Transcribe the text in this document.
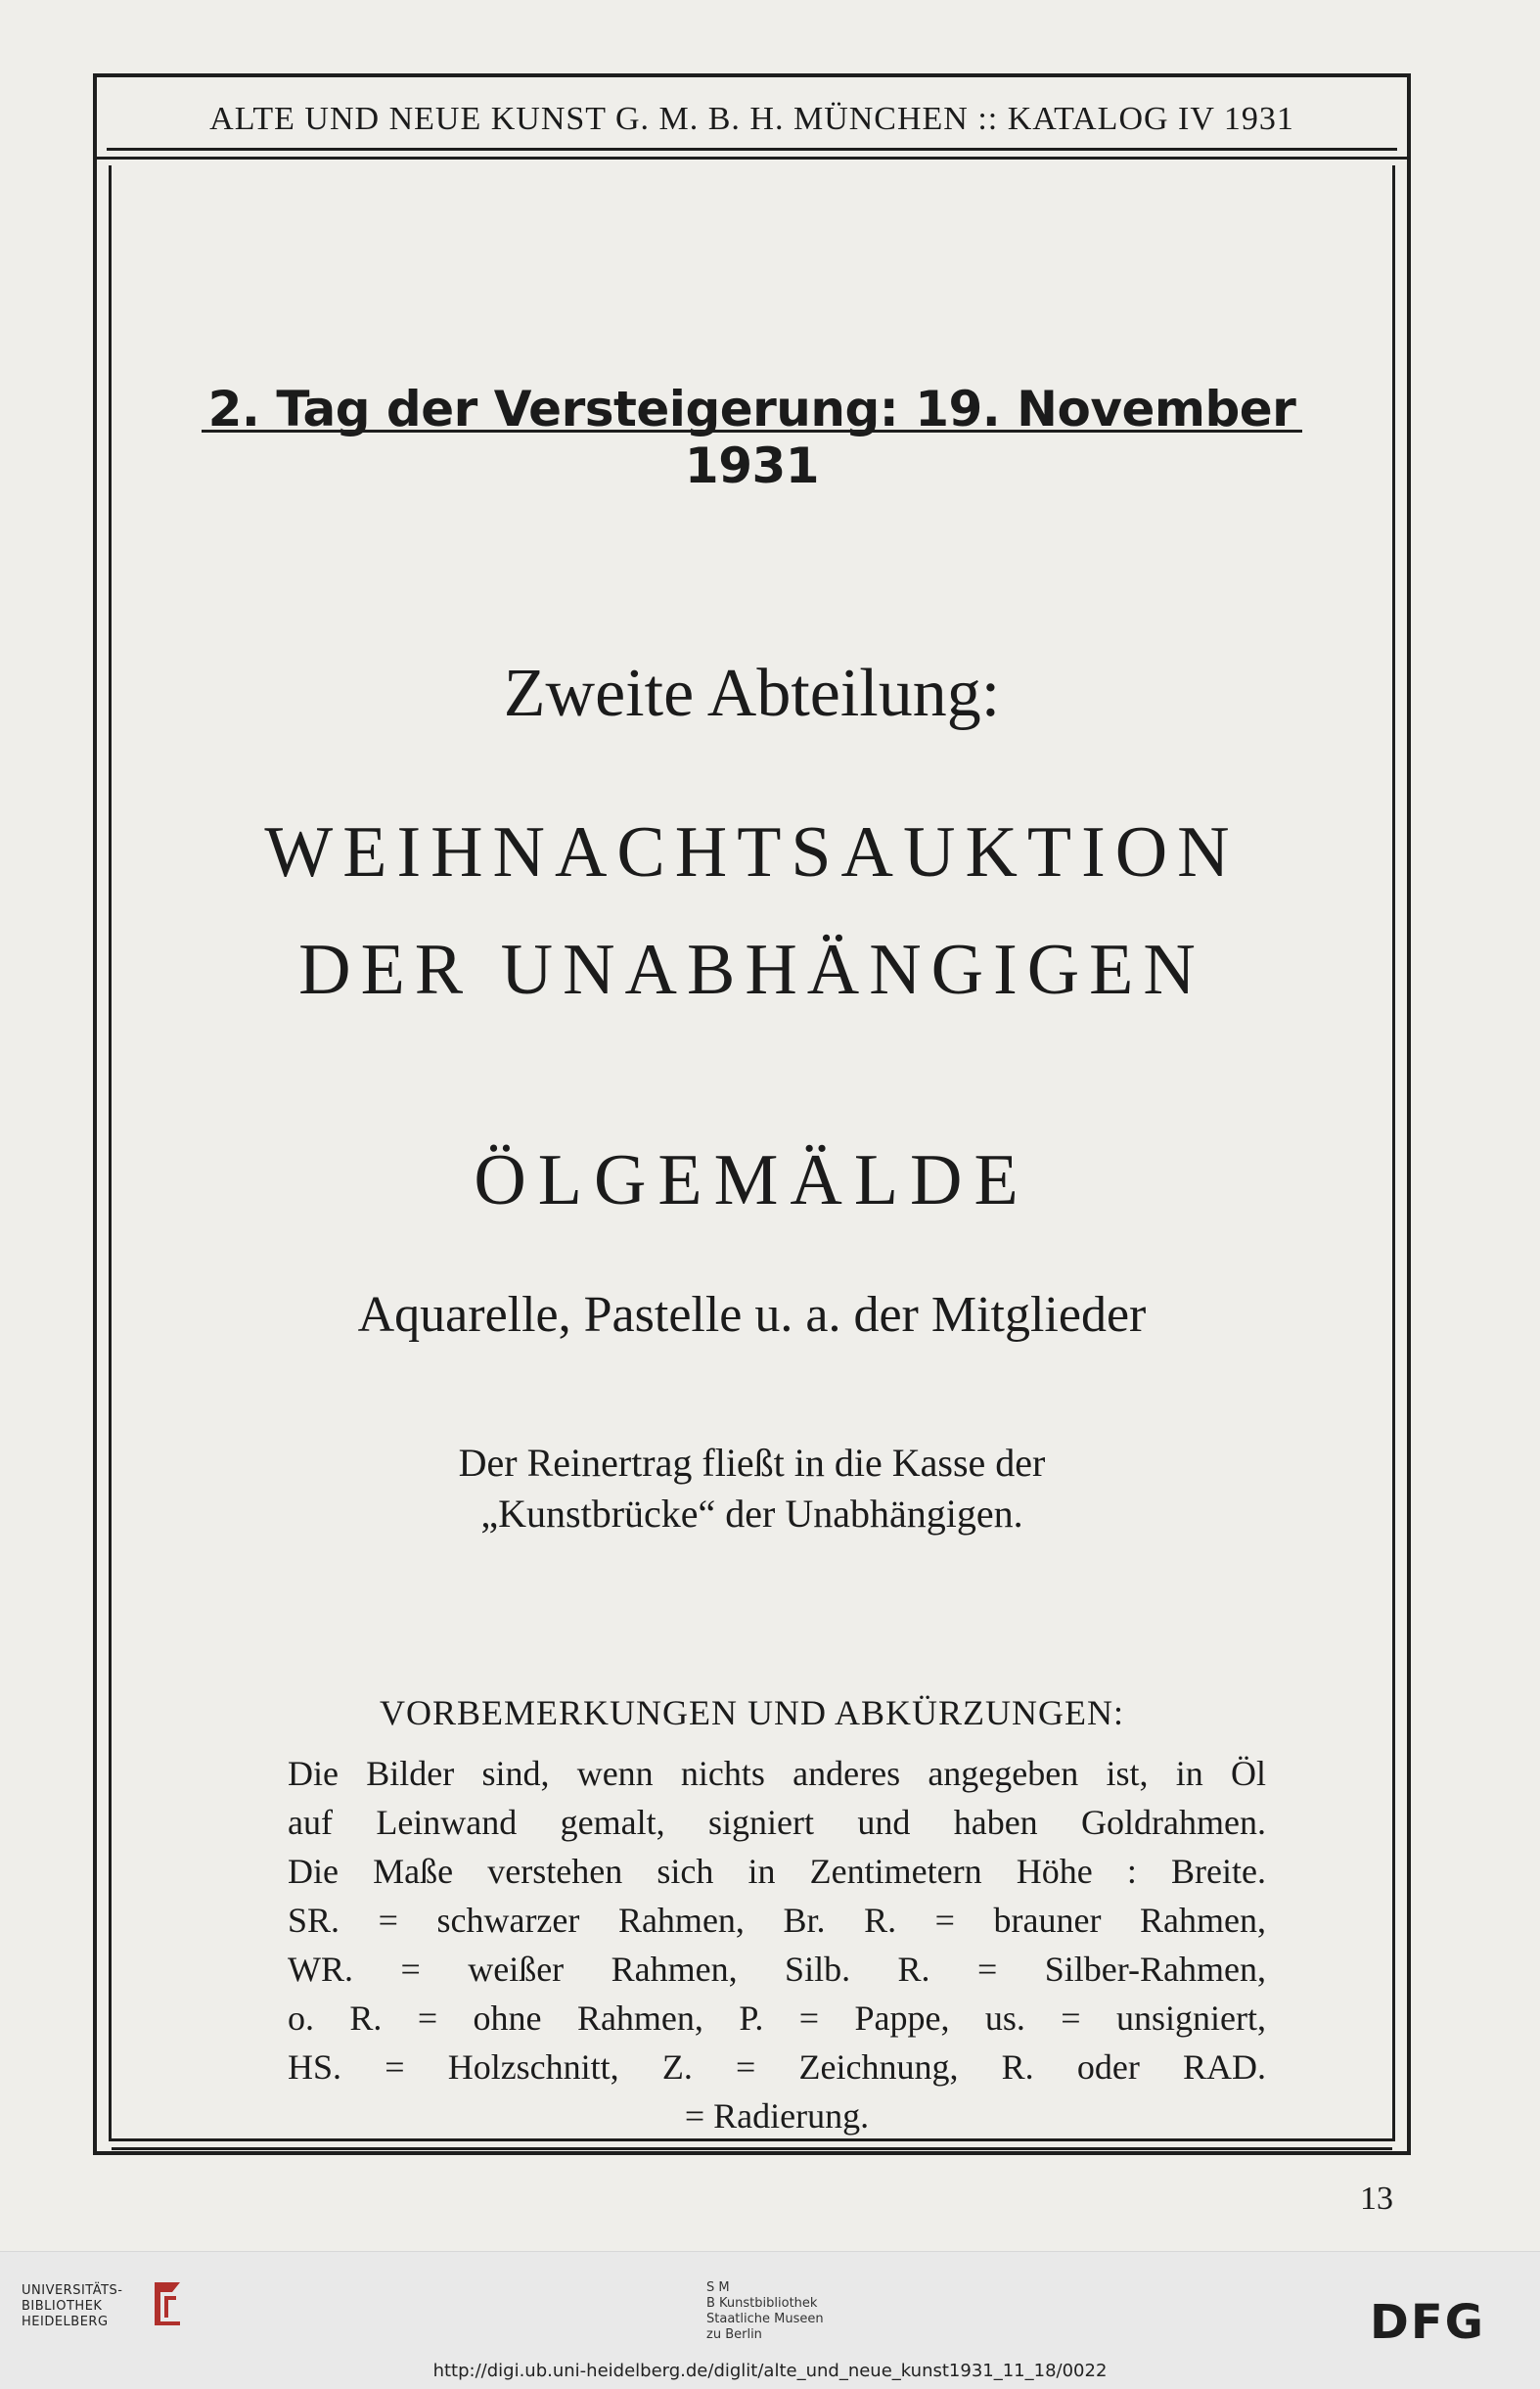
ALTE UND NEUE KUNST G. M. B. H. MÜNCHEN :: KATALOG IV 1931
2. Tag der Versteigerung: 19. November 1931
Zweite Abteilung:
WEIHNACHTSAUKTION
DER UNABHÄNGIGEN
ÖLGEMÄLDE
Aquarelle, Pastelle u. a. der Mitglieder
Der Reinertrag fließt in die Kasse der
„Kunstbrücke“ der Unabhängigen.
VORBEMERKUNGEN UND ABKÜRZUNGEN:
Die Bilder sind, wenn nichts anderes angegeben ist, in Öl
auf Leinwand gemalt, signiert und haben Goldrahmen.
Die Maße verstehen sich in Zentimetern Höhe : Breite.
SR. = schwarzer Rahmen, Br. R. = brauner Rahmen,
WR. = weißer Rahmen, Silb. R. = Silber-Rahmen,
o. R. = ohne Rahmen, P. = Pappe, us. = unsigniert,
HS. = Holzschnitt, Z. = Zeichnung, R. oder RAD.
= Radierung.
13
UNIVERSITÄTS-
BIBLIOTHEK
HEIDELBERG
S M
B Kunstbibliothek
Staatliche Museen
zu Berlin	DFG
http://digi.ub.uni-heidelberg.de/diglit/alte_und_neue_kunst1931_11_18/0022
